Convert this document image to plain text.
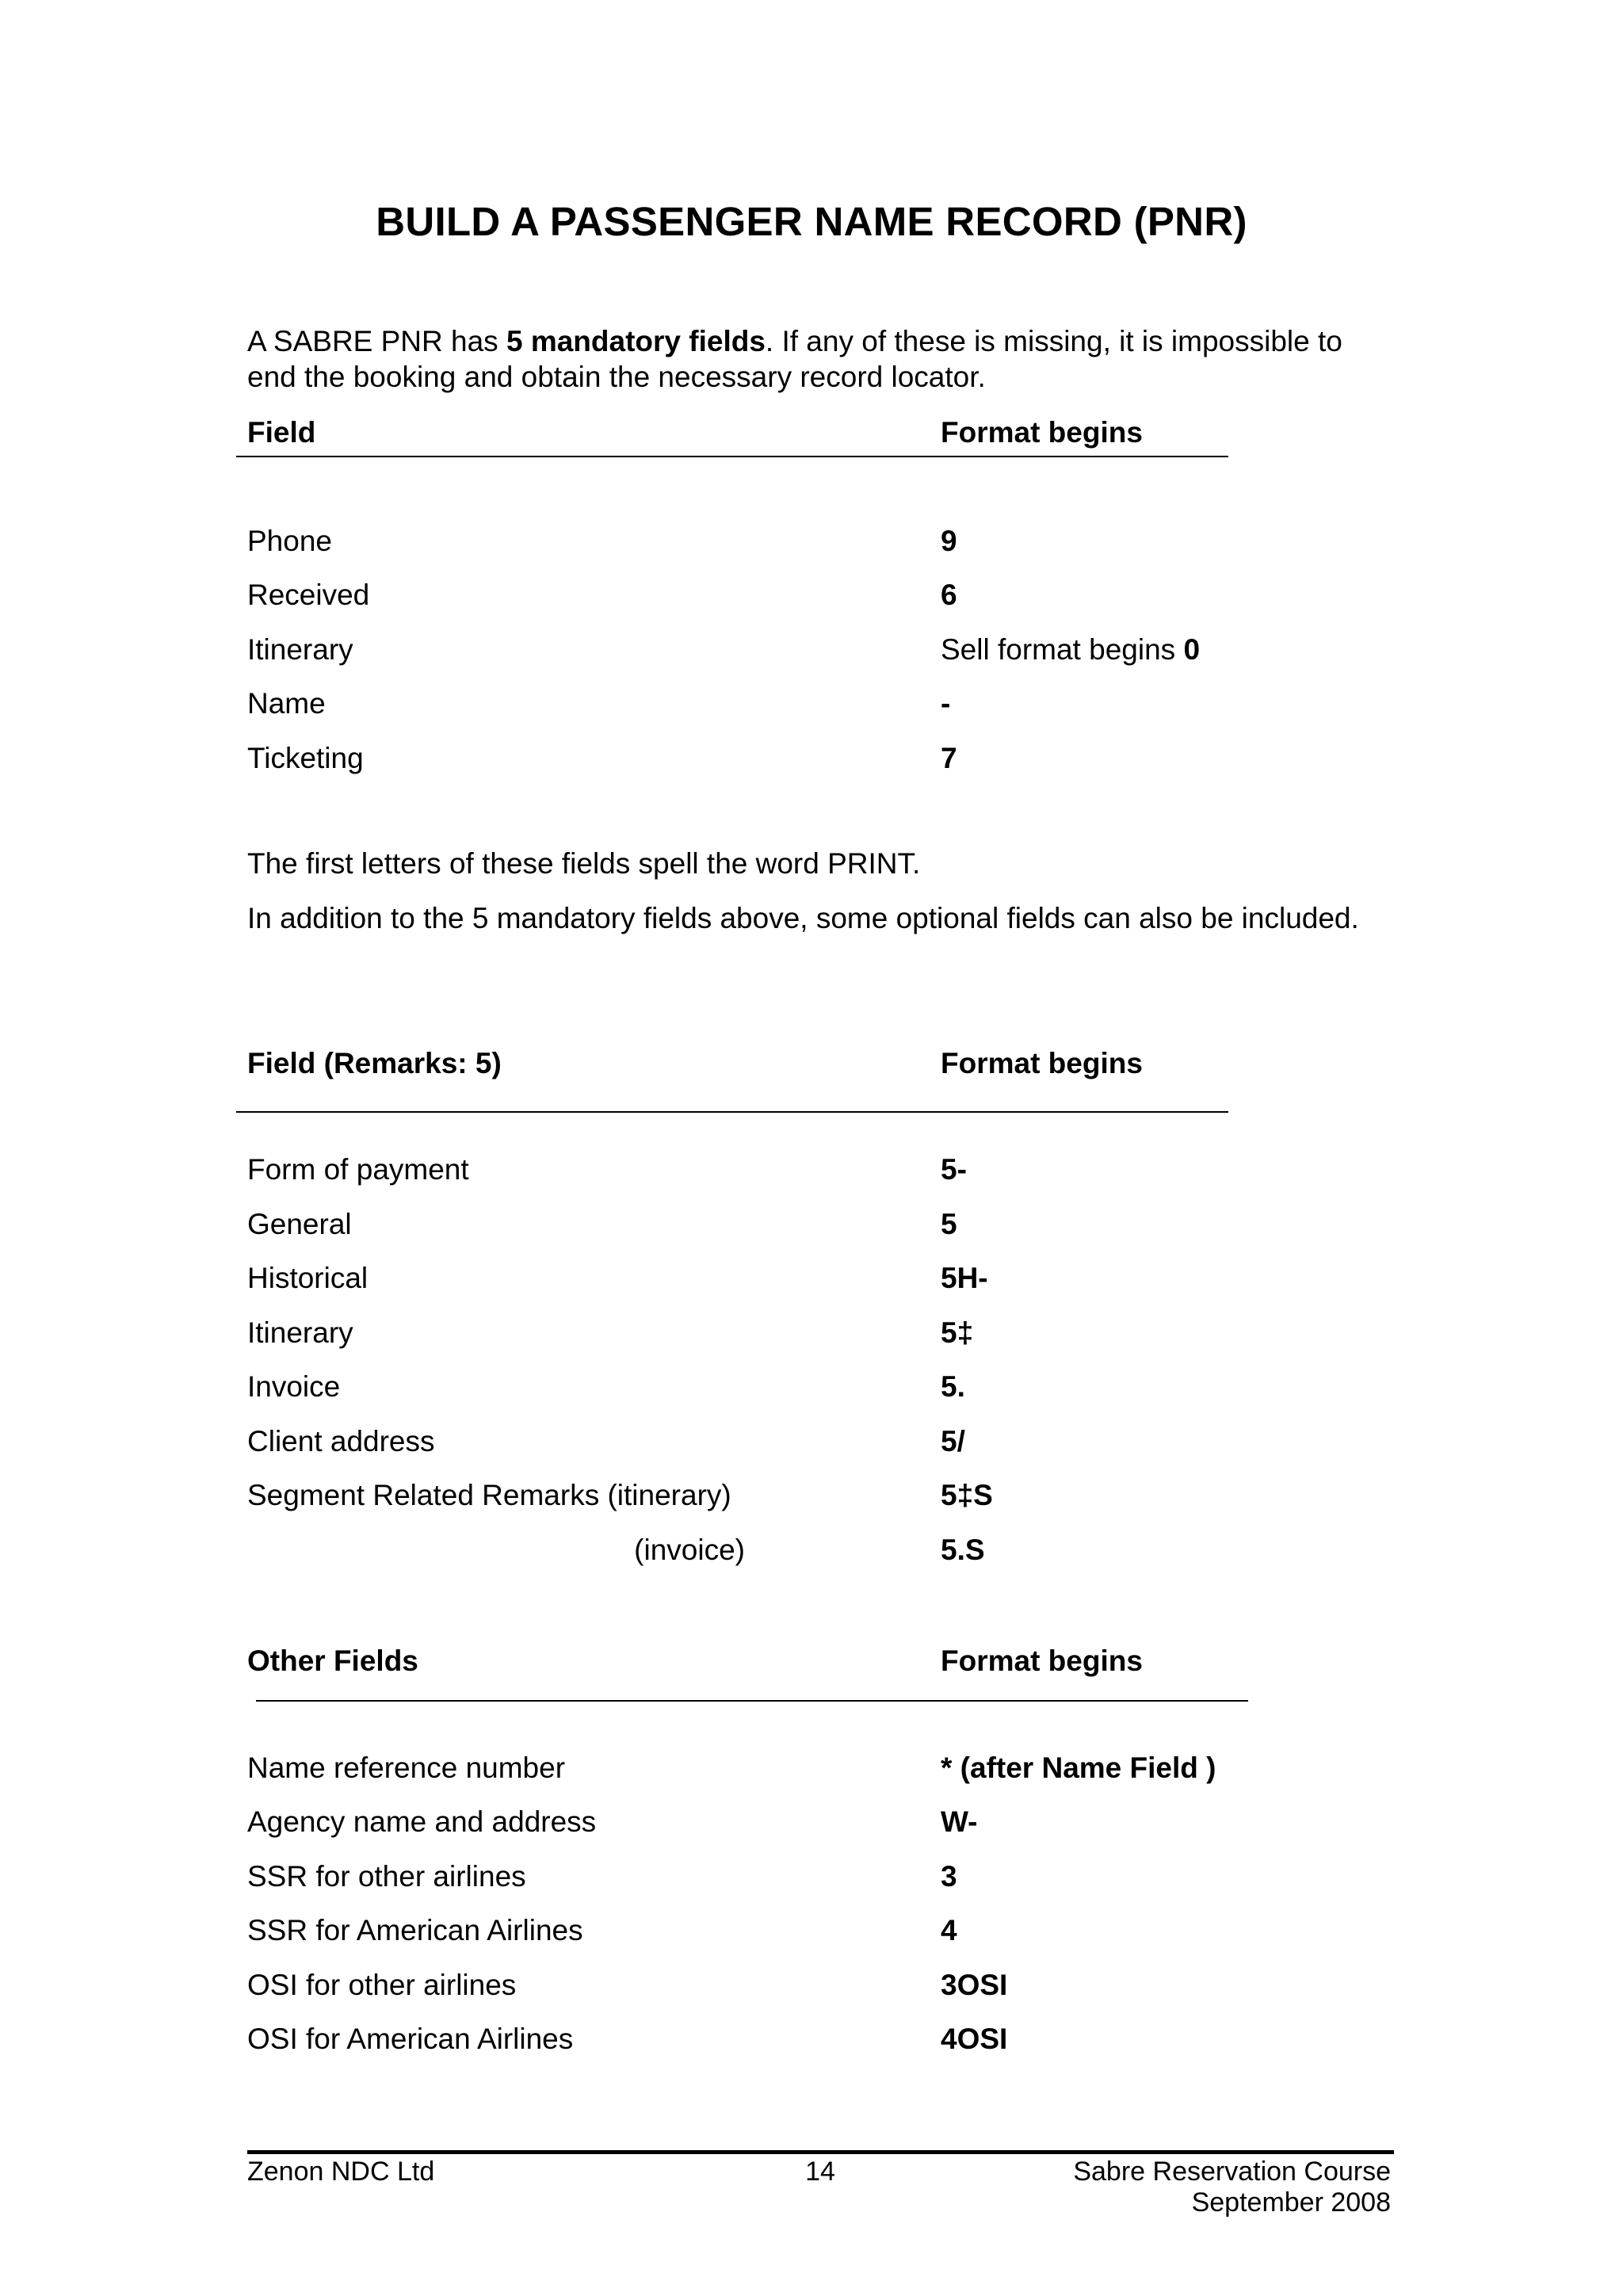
BUILD A PASSENGER NAME RECORD (PNR)
A SABRE PNR has 5 mandatory fields. If any of these is missing, it is impossible to end the booking and obtain the necessary record locator.
Field	Format begins
Phone	9
Received	6
Itinerary	Sell format begins 0
Name	-
Ticketing	7
The first letters of these fields spell the word PRINT.
In addition to the 5 mandatory fields above, some optional fields can also be included.
Field (Remarks: 5)	Format begins
Form of payment	5-
General	5
Historical	5H-
Itinerary	5‡
Invoice	5.
Client address	5/
Segment Related Remarks (itinerary)	5‡S
(invoice)	5.S
Other Fields	Format begins
Name reference number	* (after Name Field )
Agency name and address	W-
SSR for other airlines	3
SSR for American Airlines	4
OSI for other airlines	3OSI
OSI for American Airlines	4OSI
Zenon NDC Ltd	14	Sabre Reservation Course
September 2008
